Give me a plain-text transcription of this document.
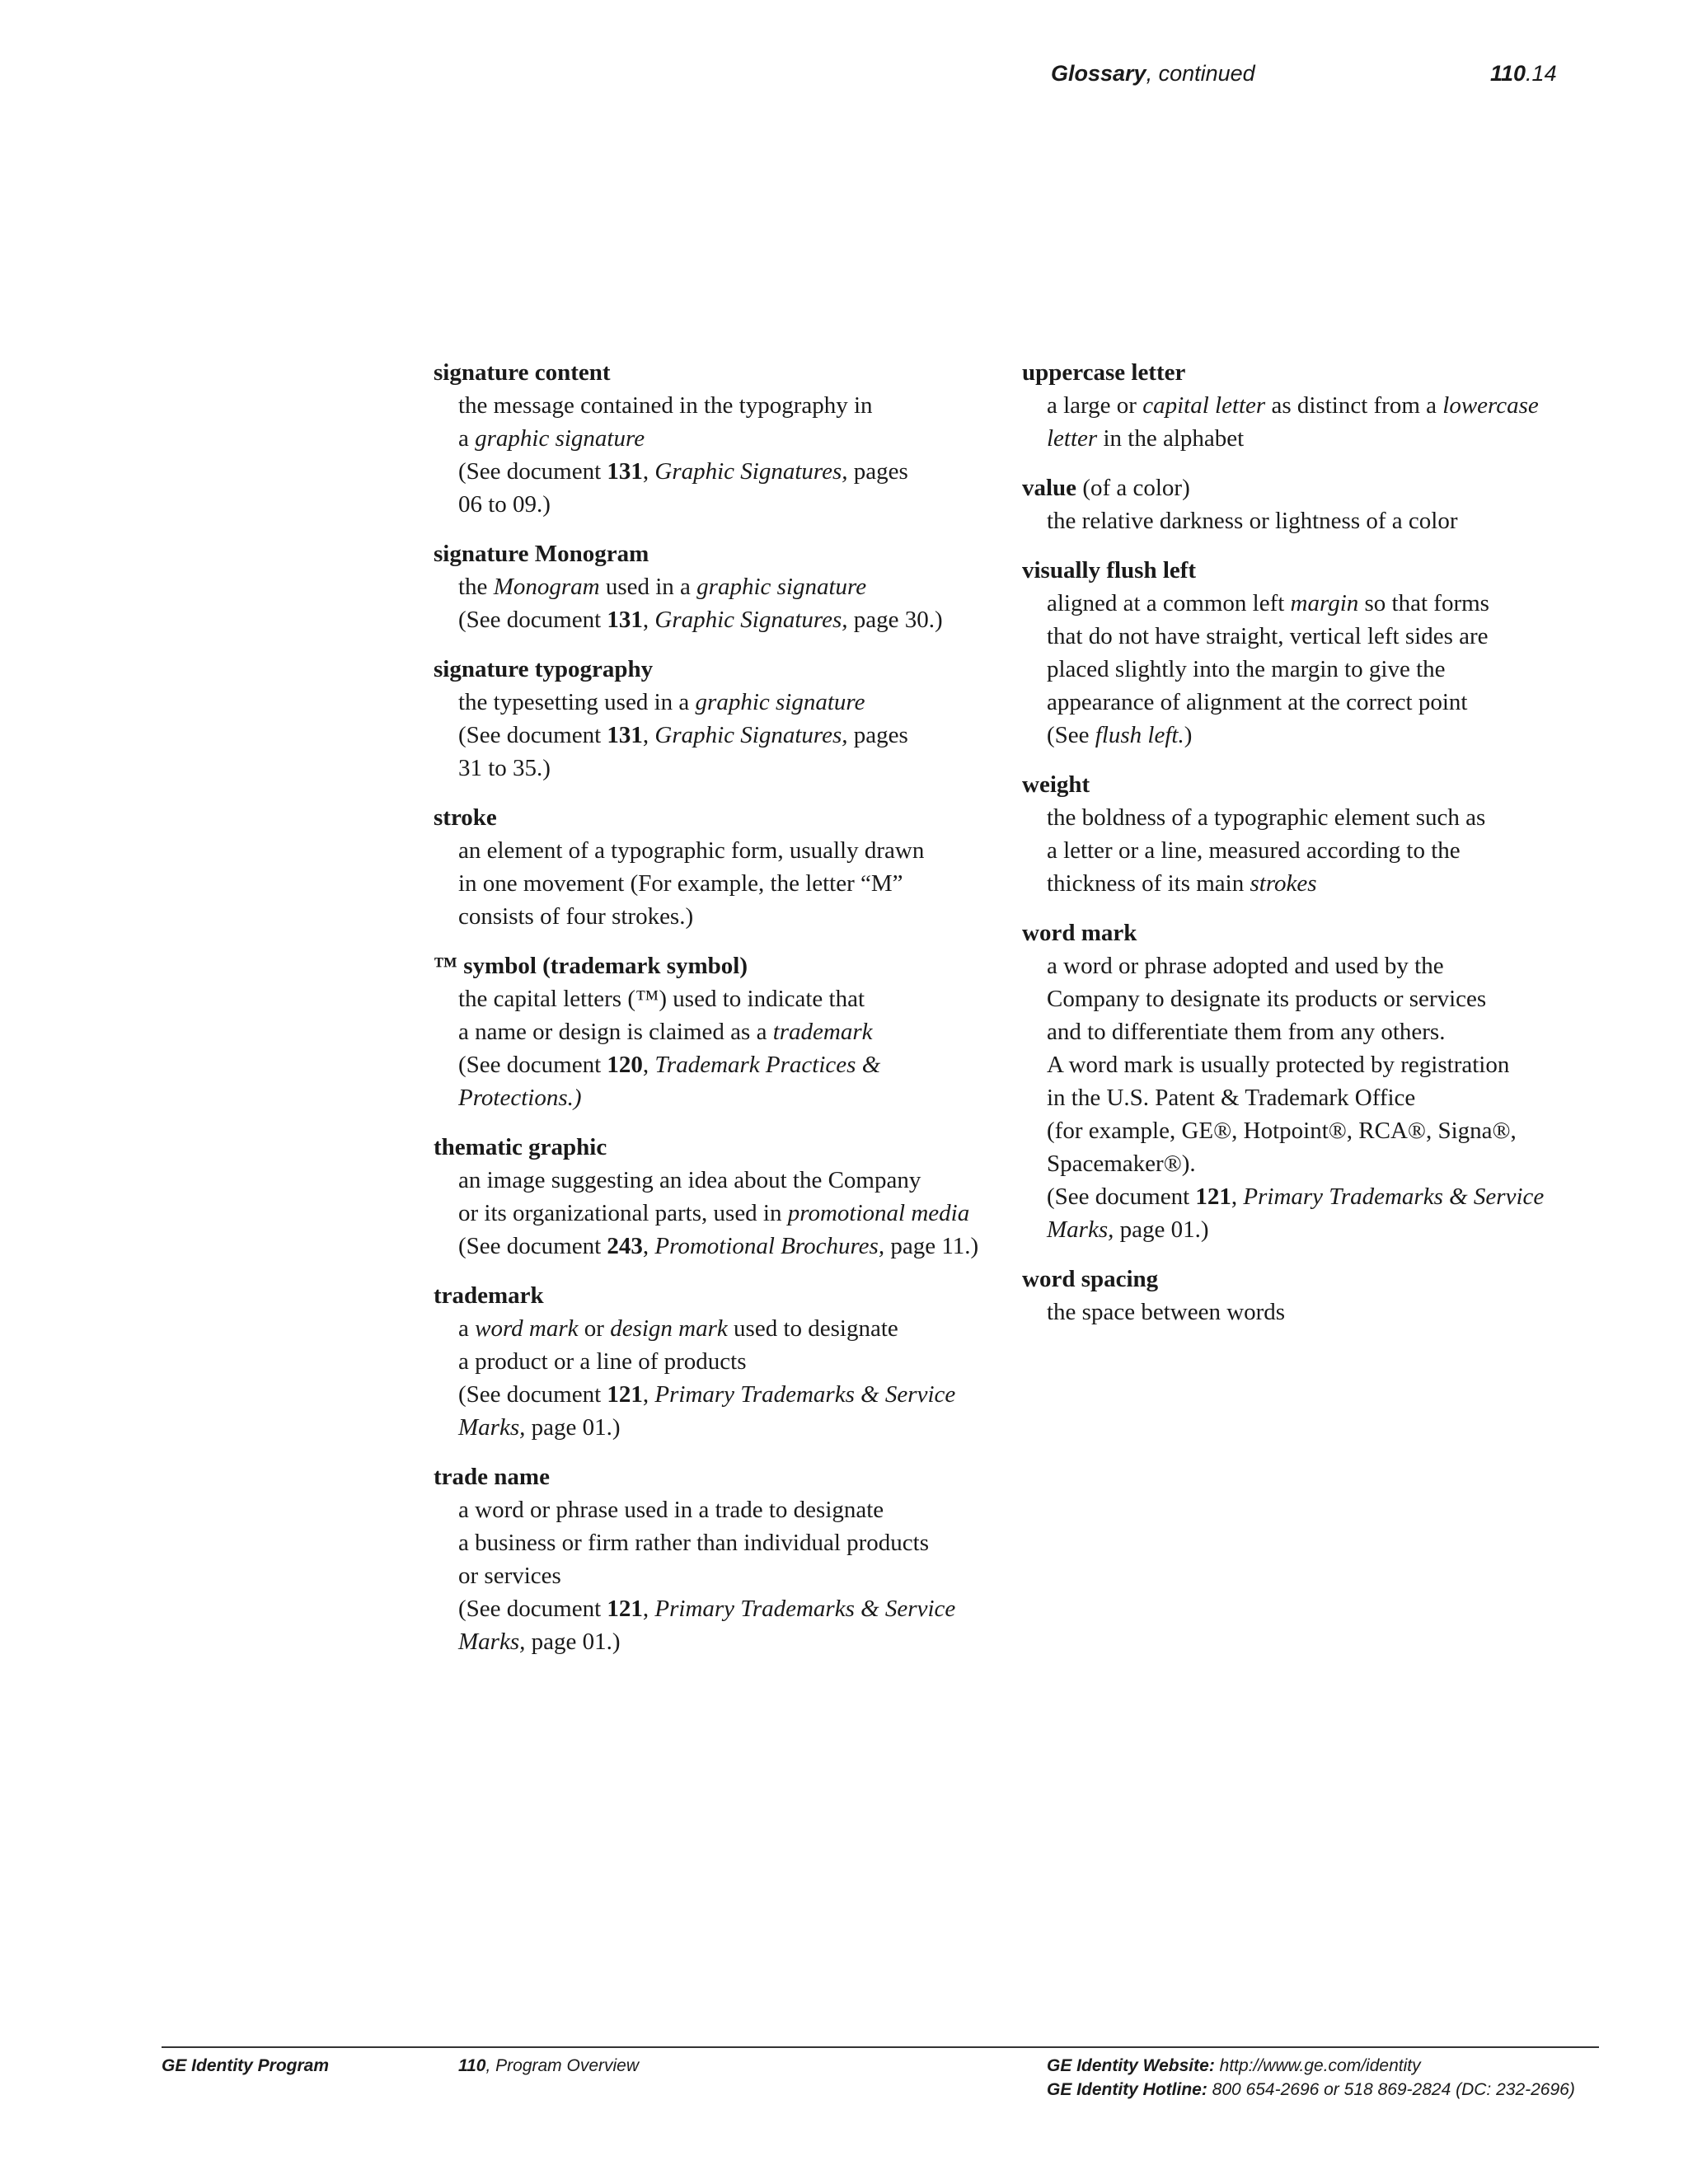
Glossary, continued	110.14
signature content
the message contained in the typography in
a graphic signature
(See document 131, Graphic Signatures, pages
06 to 09.)
signature Monogram
the Monogram used in a graphic signature
(See document 131, Graphic Signatures, page 30.)
signature typography
the typesetting used in a graphic signature
(See document 131, Graphic Signatures, pages
31 to 35.)
stroke
an element of a typographic form, usually drawn
in one movement (For example, the letter “M”
consists of four strokes.)
™ symbol (trademark symbol)
the capital letters (™) used to indicate that
a name or design is claimed as a trademark
(See document 120, Trademark Practices &
Protections.)
thematic graphic
an image suggesting an idea about the Company
or its organizational parts, used in promotional media
(See document 243, Promotional Brochures, page 11.)
trademark
a word mark or design mark used to designate
a product or a line of products
(See document 121, Primary Trademarks & Service
Marks, page 01.)
trade name
a word or phrase used in a trade to designate
a business or firm rather than individual products
or services
(See document 121, Primary Trademarks & Service
Marks, page 01.)
uppercase letter
a large or capital letter as distinct from a lowercase
letter in the alphabet
value (of a color)
the relative darkness or lightness of a color
visually flush left
aligned at a common left margin so that forms
that do not have straight, vertical left sides are
placed slightly into the margin to give the
appearance of alignment at the correct point
(See flush left.)
weight
the boldness of a typographic element such as
a letter or a line, measured according to the
thickness of its main strokes
word mark
a word or phrase adopted and used by the
Company to designate its products or services
and to differentiate them from any others.
A word mark is usually protected by registration
in the U.S. Patent & Trademark Office
(for example, GE®, Hotpoint®, RCA®, Signa®,
Spacemaker®).
(See document 121, Primary Trademarks & Service
Marks, page 01.)
word spacing
the space between words
GE Identity Program	110, Program Overview	GE Identity Website: http://www.ge.com/identity
GE Identity Hotline: 800 654-2696 or 518 869-2824 (DC: 232-2696)
